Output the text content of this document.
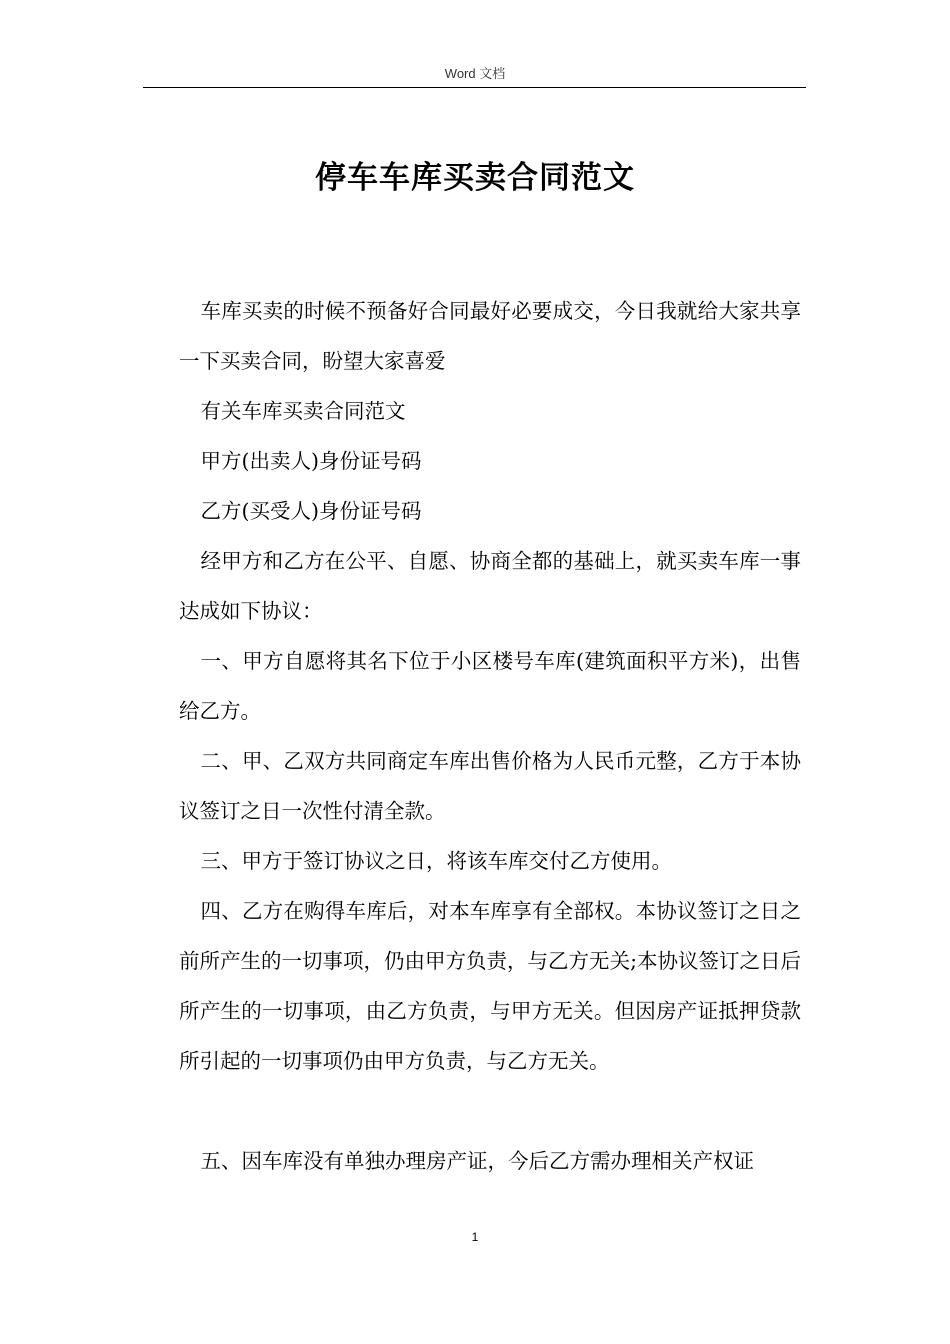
Word 文档
停车车库买卖合同范文

车库买卖的时候不预备好合同最好必要成交，今日我就给大家共享一下买卖合同，盼望大家喜爱

有关车库买卖合同范文

甲方(出卖人)身份证号码

乙方(买受人)身份证号码

经甲方和乙方在公平、自愿、协商全都的基础上，就买卖车库一事达成如下协议：

一、甲方自愿将其名下位于小区楼号车库(建筑面积平方米)，出售给乙方。

二、甲、乙双方共同商定车库出售价格为人民币元整，乙方于本协议签订之日一次性付清全款。

三、甲方于签订协议之日，将该车库交付乙方使用。

四、乙方在购得车库后，对本车库享有全部权。本协议签订之日之前所产生的一切事项，仍由甲方负责，与乙方无关;本协议签订之日后所产生的一切事项，由乙方负责，与甲方无关。但因房产证抵押贷款所引起的一切事项仍由甲方负责，与乙方无关。

五、因车库没有单独办理房产证，今后乙方需办理相关产权证

1
